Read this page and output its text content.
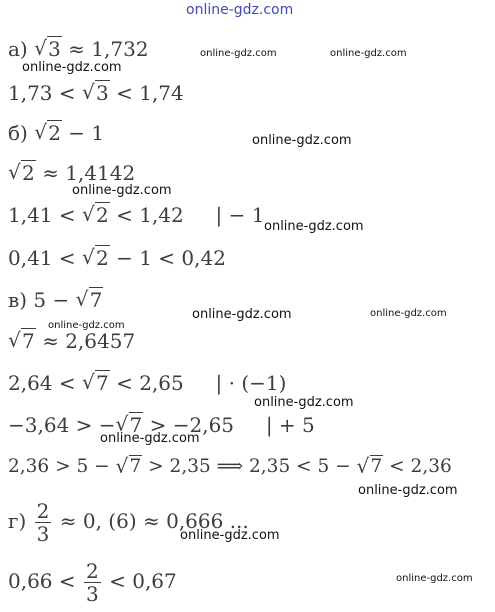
online-gdz.com
а) √ 3 ≈ 1,732
1,73 < √ 3 < 1,74
б) √ 2 − 1
√ 2 ≈ 1,4142
1,41 < √ 2 < 1,42     | − 1
0,41 < √ 2 − 1 < 0,42
в) 5 − √ 7
√ 7 ≈ 2,6457
2,64 < √ 7 < 2,65     | · (−1)
−3,64 > −√ 7 > −2,65     | + 5
2,36 > 5 − √ 7 > 2,35 ⟹ 2,35 < 5 − √ 7 < 2,36
$г) \frac{2}{3} \approx 0$, (6) ≈ 0,666 ...
$0,66 < \frac{2}{3} < 0,67$
online-gdz.com	online-gdz.com
online-gdz.com
online-gdz.com
online-gdz.com
online-gdz.com
online-gdz.com	online-gdz.com
online-gdz.com
online-gdz.com
online-gdz.com
online-gdz.com
online-gdz.com
online-gdz.com
